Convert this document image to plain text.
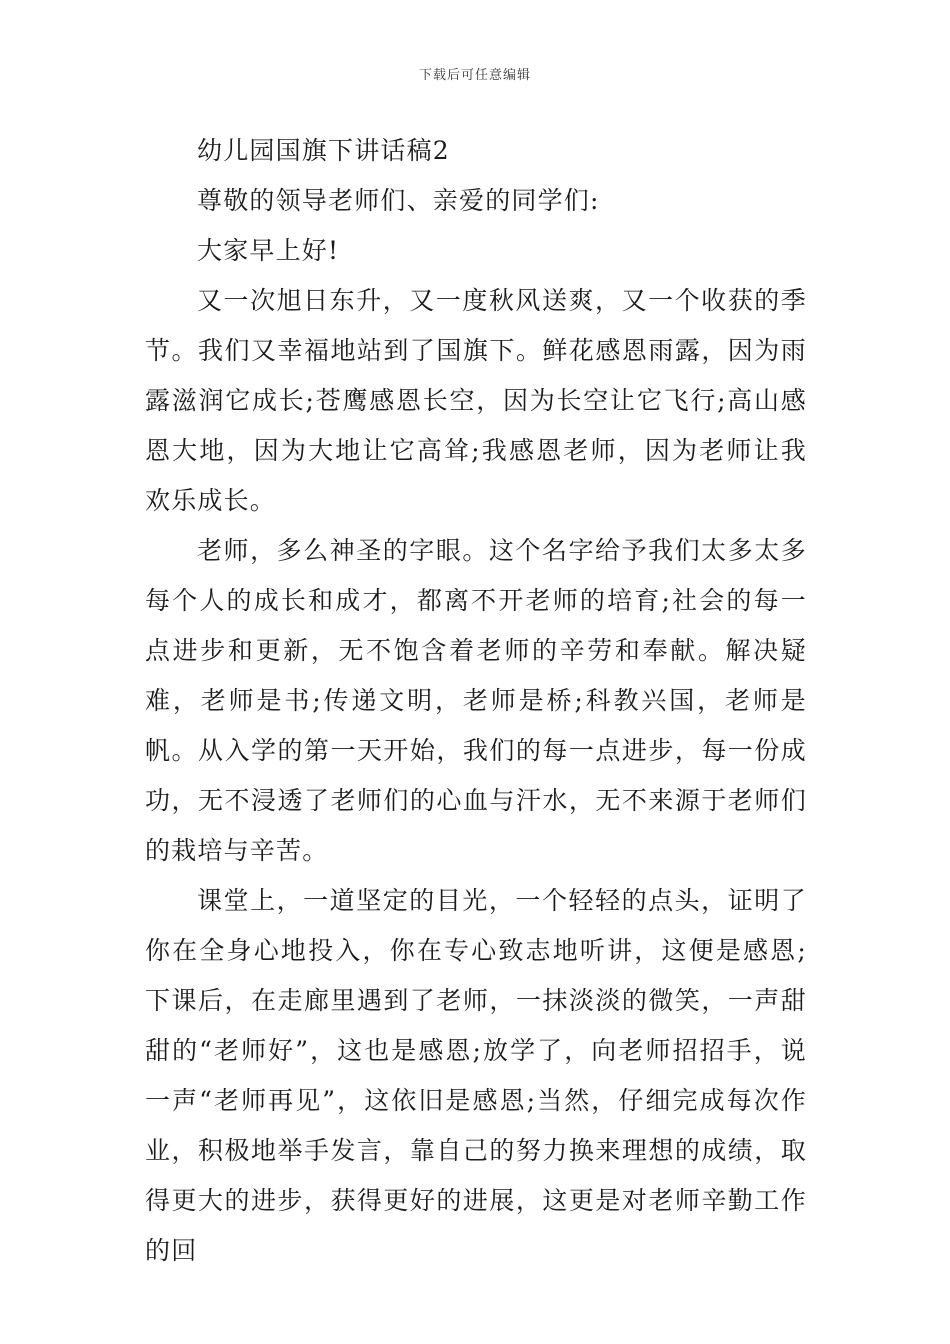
下载后可任意编辑

幼儿园国旗下讲话稿2

尊敬的领导老师们、亲爱的同学们:

大家早上好!

又一次旭日东升，又一度秋风送爽，又一个收获的季节。我们又幸福地站到了国旗下。鲜花感恩雨露，因为雨露滋润它成长;苍鹰感恩长空，因为长空让它飞行;高山感恩大地，因为大地让它高耸;我感恩老师，因为老师让我欢乐成长。

老师，多么神圣的字眼。这个名字给予我们太多太多每个人的成长和成才，都离不开老师的培育;社会的每一点进步和更新，无不饱含着老师的辛劳和奉献。解决疑难，老师是书;传递文明，老师是桥;科教兴国，老师是帆。从入学的第一天开始，我们的每一点进步，每一份成功，无不浸透了老师们的心血与汗水，无不来源于老师们的栽培与辛苦。

课堂上，一道坚定的目光，一个轻轻的点头，证明了你在全身心地投入，你在专心致志地听讲，这便是感恩;下课后，在走廊里遇到了老师，一抹淡淡的微笑，一声甜甜的“老师好”，这也是感恩;放学了，向老师招招手，说一声“老师再见”，这依旧是感恩;当然，仔细完成每次作业，积极地举手发言，靠自己的努力换来理想的成绩，取得更大的进步，获得更好的进展，这更是对老师辛勤工作的回
